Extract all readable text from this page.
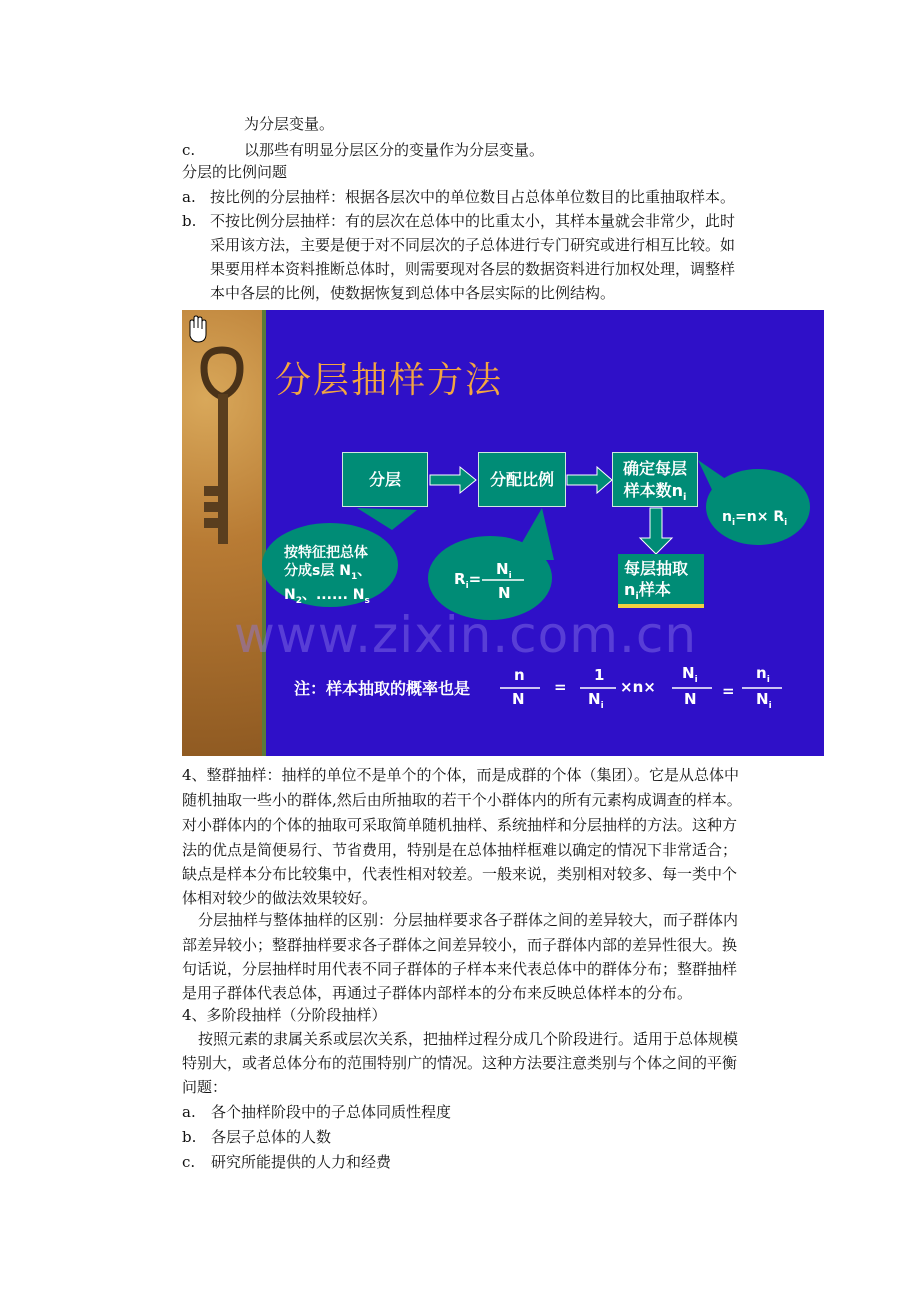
为分层变量。
c.	以那些有明显分层区分的变量作为分层变量。
分层的比例问题
a. 按比例的分层抽样：根据各层次中的单位数目占总体单位数目的比重抽取样本。
b. 不按比例分层抽样：有的层次在总体中的比重太小，其样本量就会非常少，此时
采用该方法，主要是便于对不同层次的子总体进行专门研究或进行相互比较。如
果要用样本资料推断总体时，则需要现对各层的数据资料进行加权处理，调整样
本中各层的比例，使数据恢复到总体中各层实际的比例结构。
分层抽样方法
分层	分配比例
确定每层
样本数$n_i$
每层抽取
$n_i$样本
按特征把总体
分成s层 $N_1$、
$N_2$、...... $N_s$
$R_i=$
$N_i$
N
$n_i=n\times R_i$
www.zixin.com.cn
注：样本抽取的概率也是
n
N
=
1
$N_i$
×n×
$N_i$
N =
$n_i$
$N_i$
4、整群抽样：抽样的单位不是单个的个体，而是成群的个体（集团）。它是从总体中
随机抽取一些小的群体,然后由所抽取的若干个小群体内的所有元素构成调查的样本。
对小群体内的个体的抽取可采取简单随机抽样、系统抽样和分层抽样的方法。这种方
法的优点是简便易行、节省费用，特别是在总体抽样框难以确定的情况下非常适合；
缺点是样本分布比较集中，代表性相对较差。一般来说，类别相对较多、每一类中个
体相对较少的做法效果较好。
分层抽样与整体抽样的区别：分层抽样要求各子群体之间的差异较大，而子群体内
部差异较小；整群抽样要求各子群体之间差异较小，而子群体内部的差异性很大。换
句话说，分层抽样时用代表不同子群体的子样本来代表总体中的群体分布；整群抽样
是用子群体代表总体，再通过子群体内部样本的分布来反映总体样本的分布。
4、多阶段抽样（分阶段抽样）
按照元素的隶属关系或层次关系，把抽样过程分成几个阶段进行。适用于总体规模
特别大，或者总体分布的范围特别广的情况。这种方法要注意类别与个体之间的平衡
问题：
a. 各个抽样阶段中的子总体同质性程度
b. 各层子总体的人数
c. 研究所能提供的人力和经费
